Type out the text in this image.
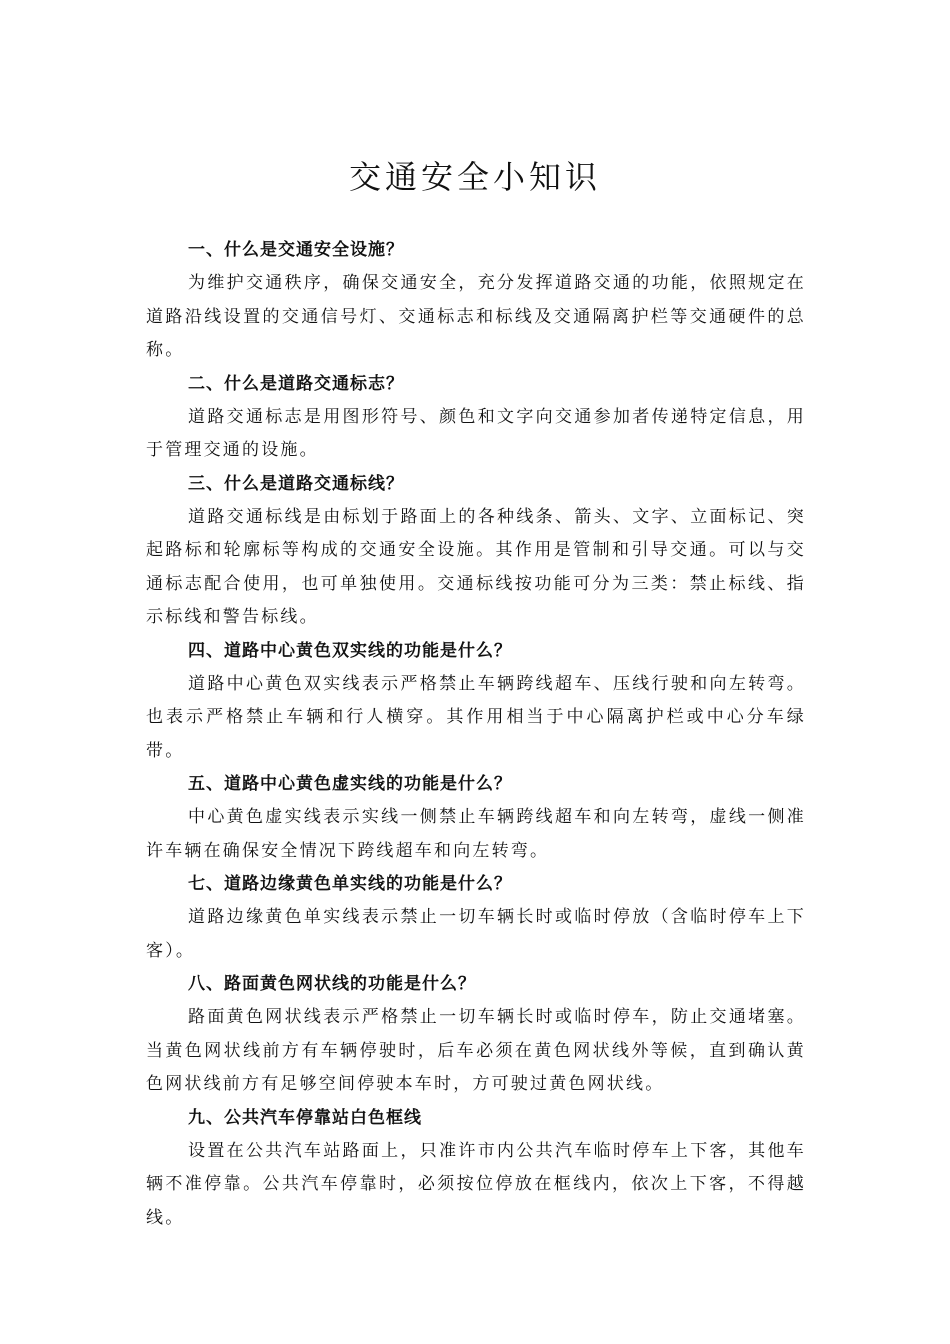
交通安全小知识

一、什么是交通安全设施？

为维护交通秩序，确保交通安全，充分发挥道路交通的功能，依照规定在道路沿线设置的交通信号灯、交通标志和标线及交通隔离护栏等交通硬件的总称。

二、什么是道路交通标志？

道路交通标志是用图形符号、颜色和文字向交通参加者传递特定信息，用于管理交通的设施。

三、什么是道路交通标线？

道路交通标线是由标划于路面上的各种线条、箭头、文字、立面标记、突起路标和轮廓标等构成的交通安全设施。其作用是管制和引导交通。可以与交通标志配合使用，也可单独使用。交通标线按功能可分为三类：禁止标线、指示标线和警告标线。

四、道路中心黄色双实线的功能是什么？

道路中心黄色双实线表示严格禁止车辆跨线超车、压线行驶和向左转弯。也表示严格禁止车辆和行人横穿。其作用相当于中心隔离护栏或中心分车绿带。

五、道路中心黄色虚实线的功能是什么？

中心黄色虚实线表示实线一侧禁止车辆跨线超车和向左转弯，虚线一侧准许车辆在确保安全情况下跨线超车和向左转弯。

七、道路边缘黄色单实线的功能是什么？

道路边缘黄色单实线表示禁止一切车辆长时或临时停放（含临时停车上下客）。

八、路面黄色网状线的功能是什么？

路面黄色网状线表示严格禁止一切车辆长时或临时停车，防止交通堵塞。当黄色网状线前方有车辆停驶时，后车必须在黄色网状线外等候，直到确认黄色网状线前方有足够空间停驶本车时，方可驶过黄色网状线。

九、公共汽车停靠站白色框线

设置在公共汽车站路面上，只准许市内公共汽车临时停车上下客，其他车辆不准停靠。公共汽车停靠时，必须按位停放在框线内，依次上下客，不得越线。
